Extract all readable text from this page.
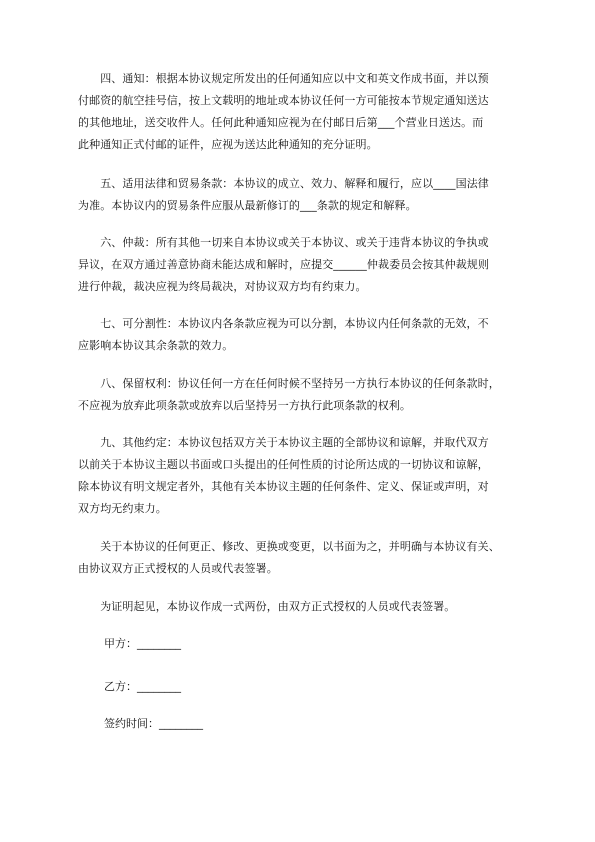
　　四、通知：根据本协议规定所发出的任何通知应以中文和英文作成书面，并以预
付邮资的航空挂号信，按上文载明的地址或本协议任何一方可能按本节规定通知送达
的其他地址，送交收件人。任何此种通知应视为在付邮日后第___个营业日送达。而
此种通知正式付邮的证件，应视为送达此种通知的充分证明。
　　五、适用法律和贸易条款：本协议的成立、效力、解释和履行，应以____国法律
为准。本协议内的贸易条件应服从最新修订的___条款的规定和解释。
　　六、仲裁：所有其他一切来自本协议或关于本协议、或关于违背本协议的争执或
异议，在双方通过善意协商未能达成和解时，应提交______仲裁委员会按其仲裁规则
进行仲裁，裁决应视为终局裁决，对协议双方均有约束力。
　　七、可分割性：本协议内各条款应视为可以分割，本协议内任何条款的无效，不
应影响本协议其余条款的效力。
　　八、保留权利：协议任何一方在任何时候不坚持另一方执行本协议的任何条款时，
不应视为放弃此项条款或放弃以后坚持另一方执行此项条款的权利。
　　九、其他约定：本协议包括双方关于本协议主题的全部协议和谅解，并取代双方
以前关于本协议主题以书面或口头提出的任何性质的讨论所达成的一切协议和谅解，
除本协议有明文规定者外，其他有关本协议主题的任何条件、定义、保证或声明，对
双方均无约束力。
　　关于本协议的任何更正、修改、更换或变更，以书面为之，并明确与本协议有关、
由协议双方正式授权的人员或代表签署。
　　为证明起见，本协议作成一式两份，由双方正式授权的人员或代表签署。
甲方：________
乙方：________
签约时间：________
